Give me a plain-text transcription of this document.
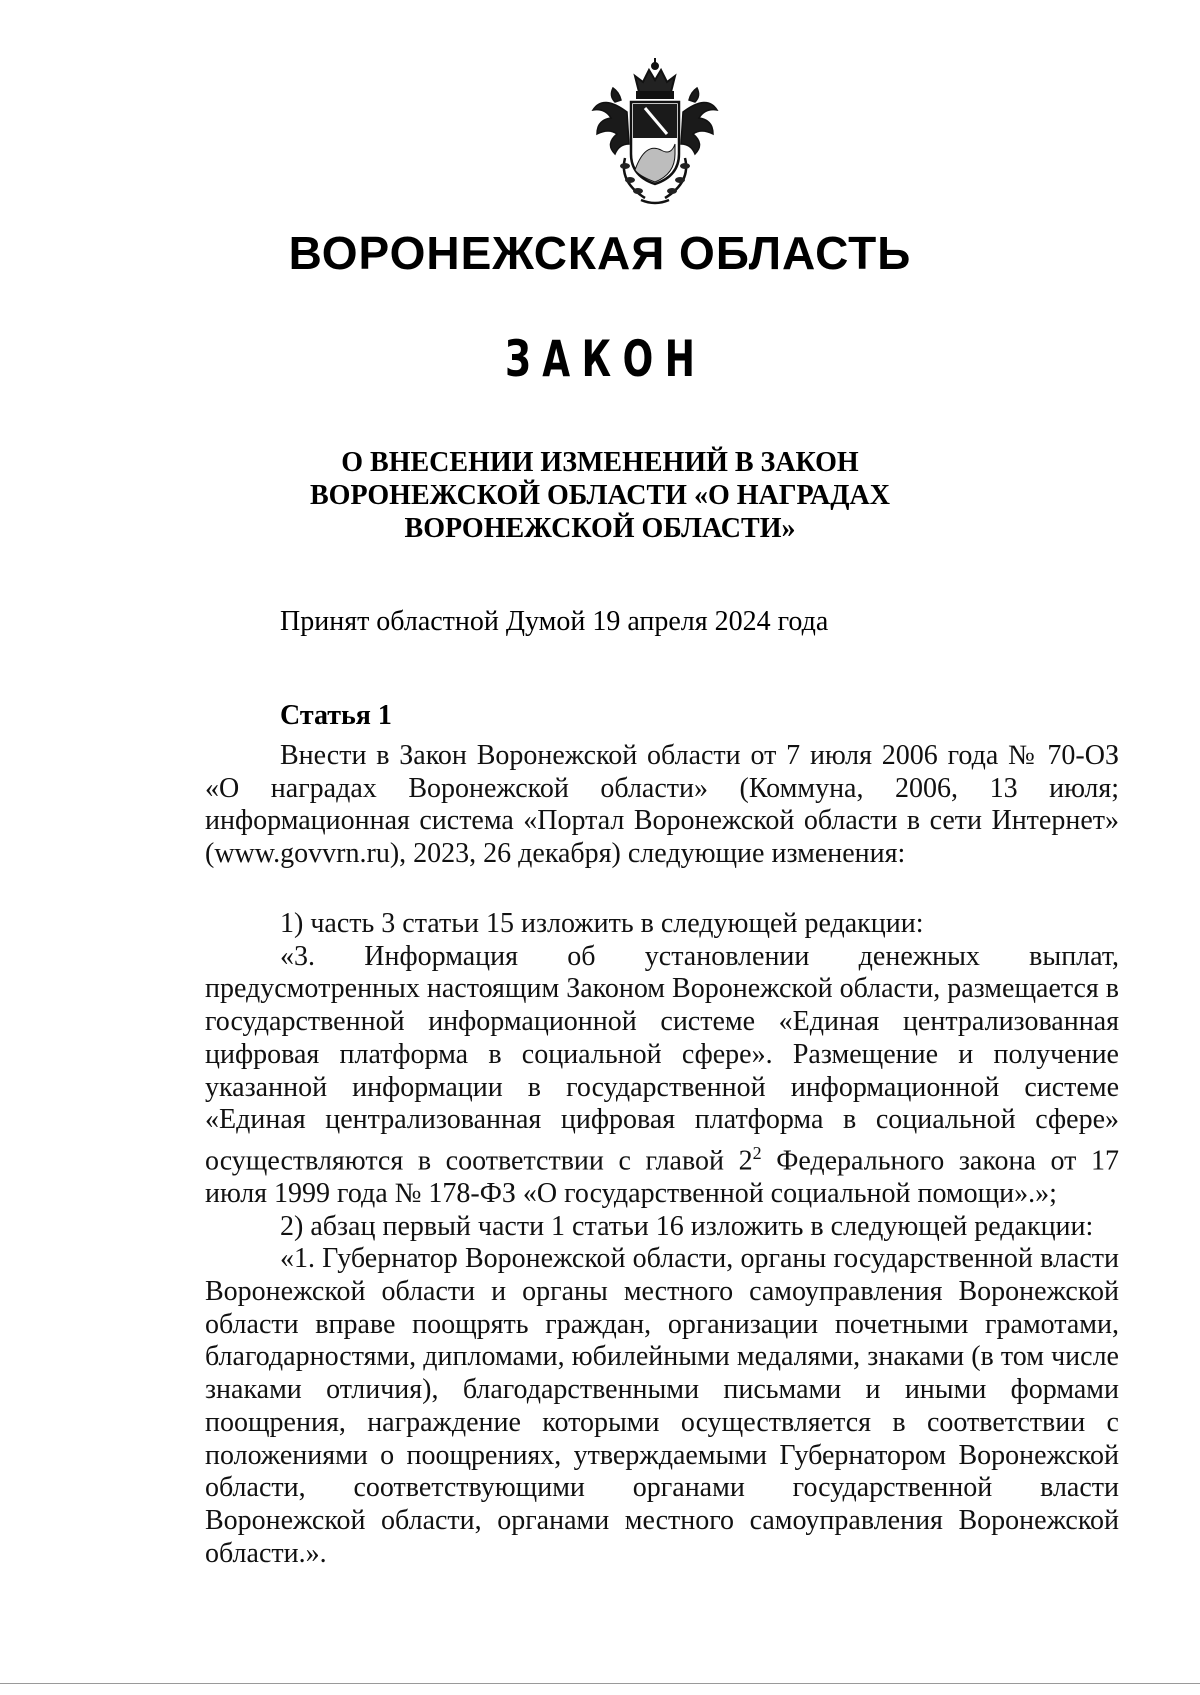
ВОРОНЕЖСКАЯ ОБЛАСТЬ
ЗАКОН
О ВНЕСЕНИИ ИЗМЕНЕНИЙ В ЗАКОН
ВОРОНЕЖСКОЙ ОБЛАСТИ «О НАГРАДАХ
ВОРОНЕЖСКОЙ ОБЛАСТИ»
Принят областной Думой 19 апреля 2024 года
Статья 1

Внести в Закон Воронежской области от 7 июля 2006 года № 70-ОЗ «О наградах Воронежской области» (Коммуна, 2006, 13 июля; информационная система «Портал Воронежской области в сети Интернет» (www.govvrn.ru), 2023, 26 декабря) следующие изменения:

1) часть 3 статьи 15 изложить в следующей редакции:

«3. Информация об установлении денежных выплат, предусмотренных настоящим Законом Воронежской области, размещается в государственной информационной системе «Единая централизованная цифровая платформа в социальной сфере». Размещение и получение указанной информации в государственной информационной системе «Единая централизованная цифровая платформа в социальной сфере» осуществляются в соответствии с главой $2^2$ Федерального закона от 17 июля 1999 года № 178-ФЗ «О государственной социальной помощи».»;

2) абзац первый части 1 статьи 16 изложить в следующей редакции:

«1. Губернатор Воронежской области, органы государственной власти Воронежской области и органы местного самоуправления Воронежской области вправе поощрять граждан, организации почетными грамотами, благодарностями, дипломами, юбилейными медалями, знаками (в том числе знаками отличия), благодарственными письмами и иными формами поощрения, награждение которыми осуществляется в соответствии с положениями о поощрениях, утверждаемыми Губернатором Воронежской области, соответствующими органами государственной власти Воронежской области, органами местного самоуправления Воронежской области.».
